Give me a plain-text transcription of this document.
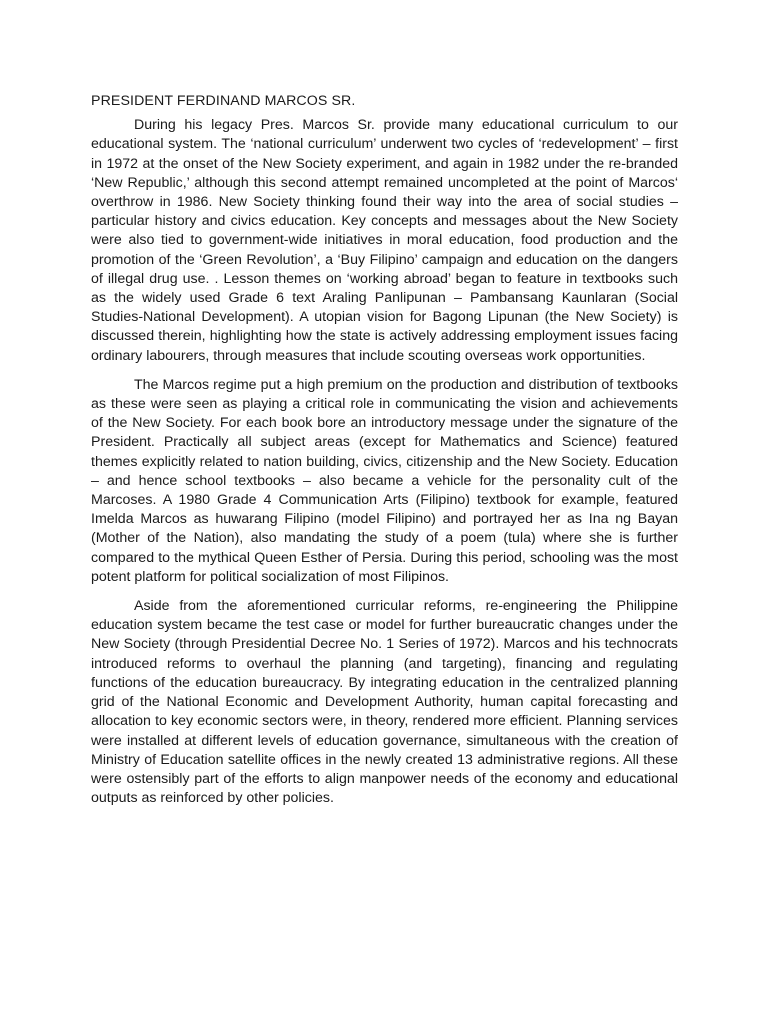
PRESIDENT FERDINAND MARCOS SR.

During his legacy Pres. Marcos Sr. provide many educational curriculum to our educational system. The ‘national curriculum’ underwent two cycles of ‘redevelopment’ – first in 1972 at the onset of the New Society experiment, and again in 1982 under the re-branded ‘New Republic,’ although this second attempt remained uncompleted at the point of Marcos‘ overthrow in 1986. New Society thinking found their way into the area of social studies – particular history and civics education. Key concepts and messages about the New Society were also tied to government-wide initiatives in moral education, food production and the promotion of the ‘Green Revolution’, a ‘Buy Filipino’ campaign and education on the dangers of illegal drug use. . Lesson themes on ‘working abroad’ began to feature in textbooks such as the widely used Grade 6 text Araling Panlipunan – Pambansang Kaunlaran (Social Studies-National Development). A utopian vision for Bagong Lipunan (the New Society) is discussed therein, highlighting how the state is actively addressing employment issues facing ordinary labourers, through measures that include scouting overseas work opportunities.

The Marcos regime put a high premium on the production and distribution of textbooks as these were seen as playing a critical role in communicating the vision and achievements of the New Society. For each book bore an introductory message under the signature of the President. Practically all subject areas (except for Mathematics and Science) featured themes explicitly related to nation building, civics, citizenship and the New Society. Education – and hence school textbooks – also became a vehicle for the personality cult of the Marcoses. A 1980 Grade 4 Communication Arts (Filipino) textbook for example, featured Imelda Marcos as huwarang Filipino (model Filipino) and portrayed her as Ina ng Bayan (Mother of the Nation), also mandating the study of a poem (tula) where she is further compared to the mythical Queen Esther of Persia. During this period, schooling was the most potent platform for political socialization of most Filipinos.

Aside from the aforementioned curricular reforms, re-engineering the Philippine education system became the test case or model for further bureaucratic changes under the New Society (through Presidential Decree No. 1 Series of 1972). Marcos and his technocrats introduced reforms to overhaul the planning (and targeting), financing and regulating functions of the education bureaucracy. By integrating education in the centralized planning grid of the National Economic and Development Authority, human capital forecasting and allocation to key economic sectors were, in theory, rendered more efficient. Planning services were installed at different levels of education governance, simultaneous with the creation of Ministry of Education satellite offices in the newly created 13 administrative regions. All these were ostensibly part of the efforts to align manpower needs of the economy and educational outputs as reinforced by other policies.
